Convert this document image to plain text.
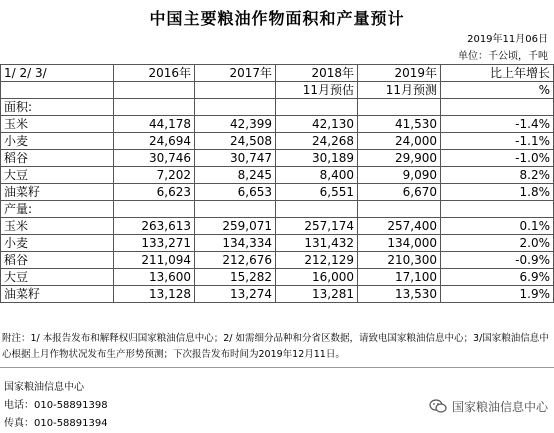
中国主要粮油作物面积和产量预计
2019年11月06日
单位：千公顷，千吨
1/ 2/ 3/	2016年	2017年	2018年	2019年	比上年增长
			11月预估	11月预测	%
面积:					
玉米	44,178	42,399	42,130	41,530	-1.4%
小麦	24,694	24,508	24,268	24,000	-1.1%
稻谷	30,746	30,747	30,189	29,900	-1.0%
大豆	7,202	8,245	8,400	9,090	8.2%
油菜籽	6,623	6,653	6,551	6,670	1.8%
产量:					
玉米	263,613	259,071	257,174	257,400	0.1%
小麦	133,271	134,334	131,432	134,000	2.0%
稻谷	211,094	212,676	212,129	210,300	-0.9%
大豆	13,600	15,282	16,000	17,100	6.9%
油菜籽	13,128	13,274	13,281	13,530	1.9%
附注：1/ 本报告发布和解释权归国家粮油信息中心；2/ 如需细分品种和分省区数据，请致电国家粮油信息中心；3/国家粮油信息中心根据上月作物状况发布生产形势预测；下次报告发布时间为2019年12月11日。
国家粮油信息中心
电话：010-58891398
传真：010-58891394
国家粮油信息中心
